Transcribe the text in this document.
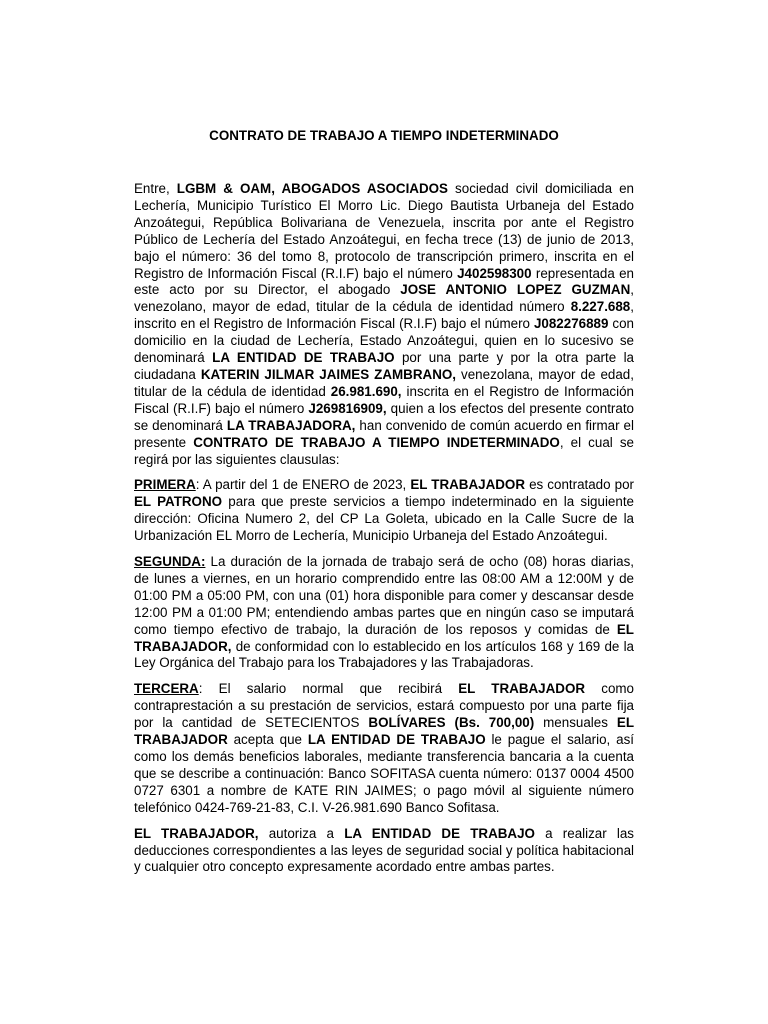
CONTRATO DE TRABAJO A TIEMPO INDETERMINADO

Entre, LGBM & OAM, ABOGADOS ASOCIADOS sociedad civil domiciliada en Lechería, Municipio Turístico El Morro Lic. Diego Bautista Urbaneja del Estado Anzoátegui, República Bolivariana de Venezuela, inscrita por ante el Registro Público de Lechería del Estado Anzoátegui, en fecha trece (13) de junio de 2013, bajo el número: 36 del tomo 8, protocolo de transcripción primero, inscrita en el Registro de Información Fiscal (R.I.F) bajo el número J402598300 representada en este acto por su Director, el abogado JOSE ANTONIO LOPEZ GUZMAN, venezolano, mayor de edad, titular de la cédula de identidad número 8.227.688, inscrito en el Registro de Información Fiscal (R.I.F) bajo el número J082276889 con domicilio en la ciudad de Lechería, Estado Anzoátegui, quien en lo sucesivo se denominará LA ENTIDAD DE TRABAJO por una parte y por la otra parte la ciudadana KATERIN JILMAR JAIMES ZAMBRANO, venezolana, mayor de edad, titular de la cédula de identidad 26.981.690, inscrita en el Registro de Información Fiscal (R.I.F) bajo el número J269816909, quien a los efectos del presente contrato se denominará LA TRABAJADORA, han convenido de común acuerdo en firmar el presente CONTRATO DE TRABAJO A TIEMPO INDETERMINADO, el cual se regirá por las siguientes clausulas:

PRIMERA: A partir del 1 de ENERO de 2023, EL TRABAJADOR es contratado por EL PATRONO para que preste servicios a tiempo indeterminado en la siguiente dirección: Oficina Numero 2, del CP La Goleta, ubicado en la Calle Sucre de la Urbanización EL Morro de Lechería, Municipio Urbaneja del Estado Anzoátegui.

SEGUNDA: La duración de la jornada de trabajo será de ocho (08) horas diarias, de lunes a viernes, en un horario comprendido entre las 08:00 AM a 12:00M y de 01:00 PM a 05:00 PM, con una (01) hora disponible para comer y descansar desde 12:00 PM a 01:00 PM; entendiendo ambas partes que en ningún caso se imputará como tiempo efectivo de trabajo, la duración de los reposos y comidas de EL TRABAJADOR, de conformidad con lo establecido en los artículos 168 y 169 de la Ley Orgánica del Trabajo para los Trabajadores y las Trabajadoras.

TERCERA: El salario normal que recibirá EL TRABAJADOR como contraprestación a su prestación de servicios, estará compuesto por una parte fija por la cantidad de SETECIENTOS BOLÍVARES (Bs. 700,00) mensuales EL TRABAJADOR acepta que LA ENTIDAD DE TRABAJO le pague el salario, así como los demás beneficios laborales, mediante transferencia bancaria a la cuenta que se describe a continuación: Banco SOFITASA cuenta número: 0137 0004 4500 0727 6301 a nombre de KATE RIN JAIMES; o pago móvil al siguiente número telefónico 0424-769-21-83, C.I. V-26.981.690 Banco Sofitasa.

EL TRABAJADOR, autoriza a LA ENTIDAD DE TRABAJO a realizar las deducciones correspondientes a las leyes de seguridad social y política habitacional y cualquier otro concepto expresamente acordado entre ambas partes.
